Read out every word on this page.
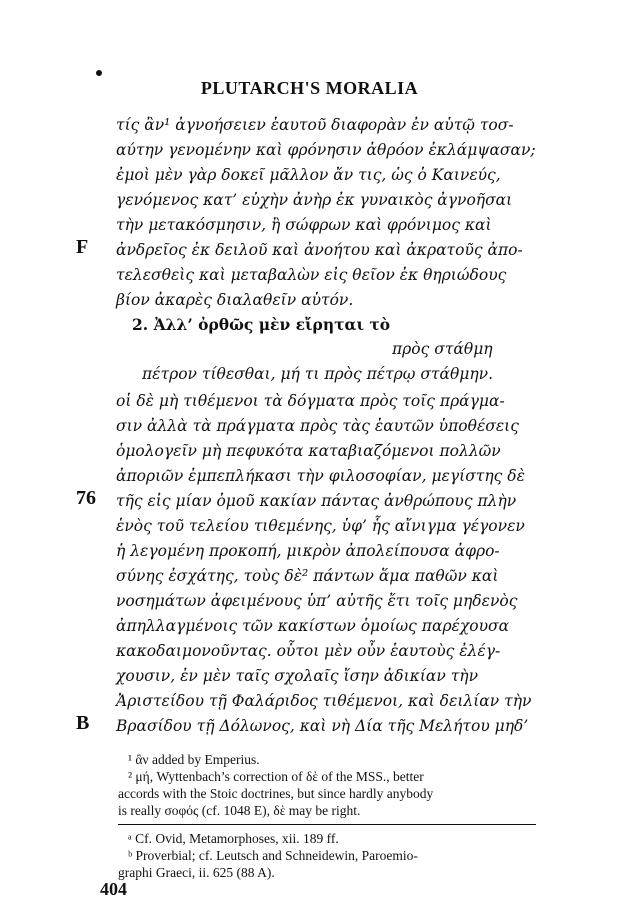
PLUTARCH'S MORALIA
τίς ἂν¹ ἀγνοήσειεν ἑαυτοῦ διαφορὰν ἐν αὑτῷ τοσ-
αύτην γενομένην καὶ φρόνησιν ἀθρόον ἐκλάμψασαν;
ἐμοὶ μὲν γὰρ δοκεῖ μᾶλλον ἄν τις, ὡς ὁ Καινεύς,
γενόμενος κατ’ εὐχὴν ἀνὴρ ἐκ γυναικὸς ἀγνοῆσαι
τὴν μετακόσμησιν, ἢ σώφρων καὶ φρόνιμος καὶ
F ἀνδρεῖος ἐκ δειλοῦ καὶ ἀνοήτου καὶ ἀκρατοῦς ἀπο-
τελεσθεὶς καὶ μεταβαλὼν εἰς θεῖον ἐκ θηριώδους
βίον ἀκαρὲς διαλαθεῖν αὑτόν.
2. Ἀλλ’ ὀρθῶς μὲν εἴρηται τὸ
πρὸς στάθμη
πέτρον τίθεσθαι, μή τι πρὸς πέτρῳ στάθμην.
οἱ δὲ μὴ τιθέμενοι τὰ δόγματα πρὸς τοῖς πράγμα-
σιν ἀλλὰ τὰ πράγματα πρὸς τὰς ἑαυτῶν ὑποθέσεις
ὁμολογεῖν μὴ πεφυκότα καταβιαζόμενοι πολλῶν
ἀποριῶν ἐμπεπλήκασι τὴν φιλοσοφίαν, μεγίστης δὲ
76 τῆς εἰς μίαν ὁμοῦ κακίαν πάντας ἀνθρώπους πλὴν
ἑνὸς τοῦ τελείου τιθεμένης, ὑφ’ ἧς αἴνιγμα γέγονεν
ἡ λεγομένη προκοπή, μικρὸν ἀπολείπουσα ἀφρο-
σύνης ἐσχάτης, τοὺς δὲ² πάντων ἅμα παθῶν καὶ
νοσημάτων ἀφειμένους ὑπ’ αὐτῆς ἔτι τοῖς μηδενὸς
ἀπηλλαγμένοις τῶν κακίστων ὁμοίως παρέχουσα
κακοδαιμονοῦντας. οὗτοι μὲν οὖν ἑαυτοὺς ἐλέγ-
χουσιν, ἐν μὲν ταῖς σχολαῖς ἴσην ἀδικίαν τὴν
Ἀριστείδου τῇ Φαλάριδος τιθέμενοι, καὶ δειλίαν τὴν
B Βρασίδου τῇ Δόλωνος, καὶ νὴ Δία τῆς Μελήτου μηδ’
¹ ἂν added by Emperius.
² μή, Wyttenbach’s correction of δὲ of the MSS., better
accords with the Stoic doctrines, but since hardly anybody
is really σοφός (cf. 1048 E), δὲ may be right.
ᵃ Cf. Ovid, Metamorphoses, xii. 189 ff.
ᵇ Proverbial; cf. Leutsch and Schneidewin, Paroemio-
graphi Graeci, ii. 625 (88 A).
404
